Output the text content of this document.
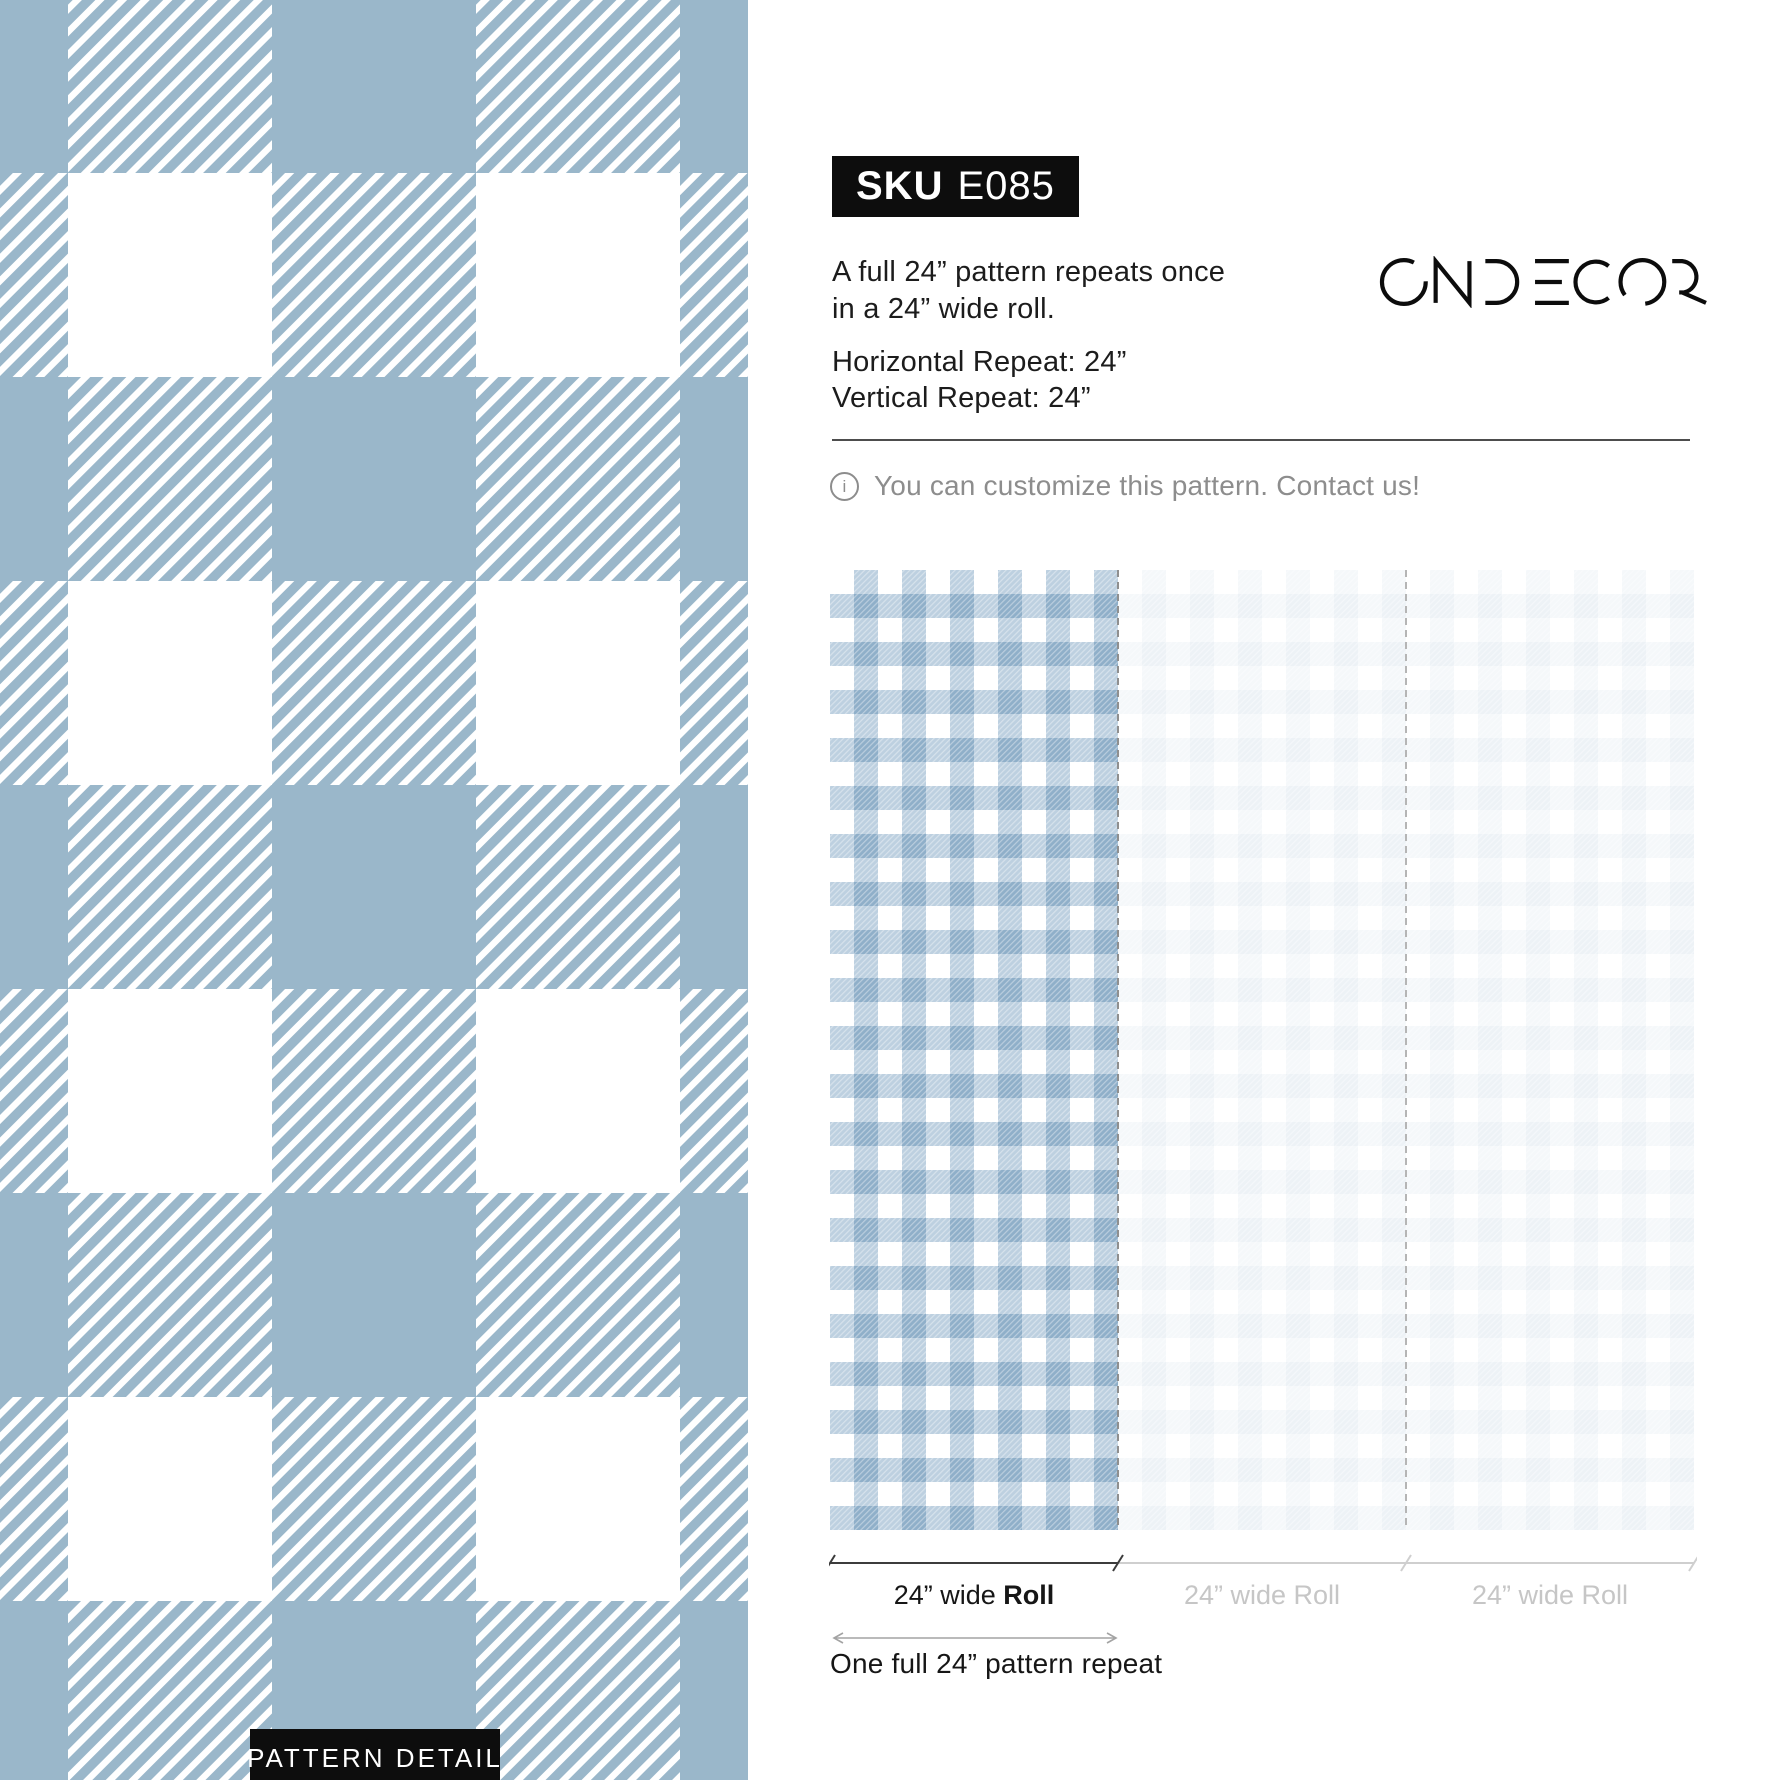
SKU E085
A full 24” pattern repeats once
in a 24” wide roll.
Horizontal Repeat: 24”
Vertical Repeat: 24”
i You can customize this pattern. Contact us!
24” wide Roll	24” wide Roll	24” wide Roll
One full 24” pattern repeat
PATTERN DETAIL
